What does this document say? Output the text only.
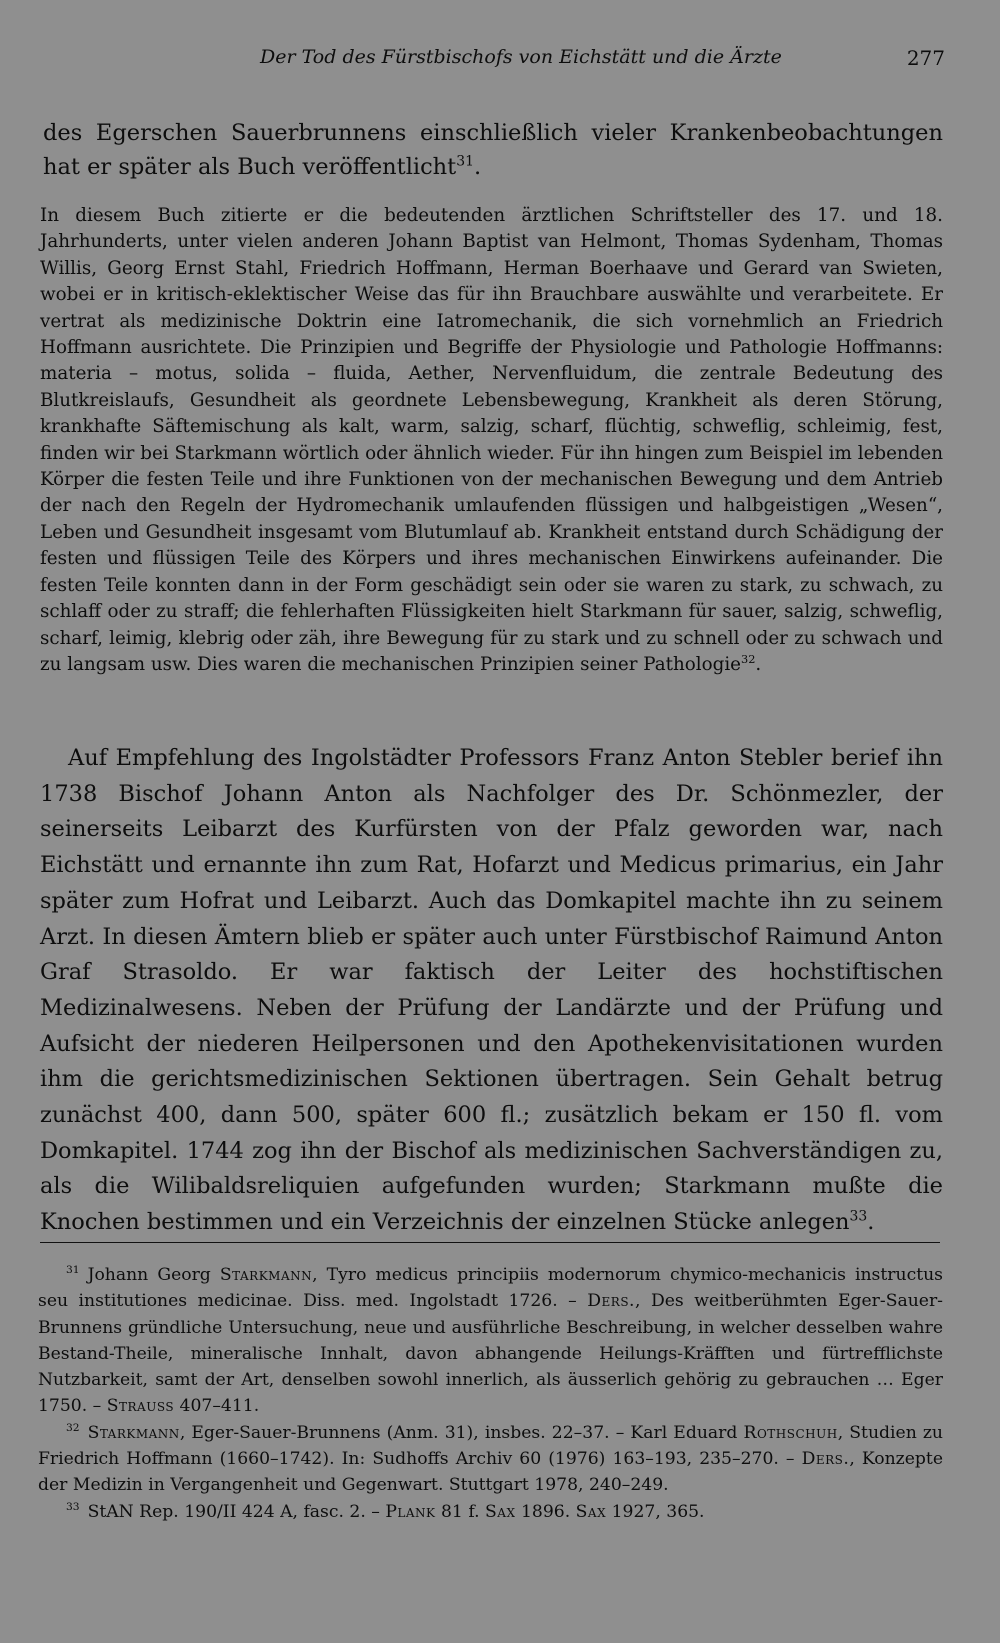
Der Tod des Fürstbischofs von Eichstätt und die Ärzte	277

des Egerschen Sauerbrunnens einschließlich vieler Krankenbeobachtungen hat er später als Buch veröffentlicht$^{31}$.

In diesem Buch zitierte er die bedeutenden ärztlichen Schriftsteller des 17. und 18. Jahrhunderts, unter vielen anderen Johann Baptist van Helmont, Thomas Sydenham, Thomas Willis, Georg Ernst Stahl, Friedrich Hoffmann, Herman Boerhaave und Gerard van Swieten, wobei er in kritisch-eklektischer Weise das für ihn Brauchbare auswählte und verarbeitete. Er vertrat als medizinische Doktrin eine Iatromechanik, die sich vornehmlich an Friedrich Hoffmann ausrichtete. Die Prinzipien und Begriffe der Physiologie und Pathologie Hoffmanns: materia – motus, solida – fluida, Aether, Nervenfluidum, die zentrale Bedeutung des Blutkreislaufs, Gesundheit als geordnete Lebensbewegung, Krankheit als deren Störung, krankhafte Säftemischung als kalt, warm, salzig, scharf, flüchtig, schweflig, schleimig, fest, finden wir bei Starkmann wörtlich oder ähnlich wieder. Für ihn hingen zum Beispiel im lebenden Körper die festen Teile und ihre Funktionen von der mechanischen Bewegung und dem Antrieb der nach den Regeln der Hydromechanik umlaufenden flüssigen und halbgeistigen „Wesen“, Leben und Gesundheit insgesamt vom Blutumlauf ab. Krankheit entstand durch Schädigung der festen und flüssigen Teile des Körpers und ihres mechanischen Einwirkens aufeinander. Die festen Teile konnten dann in der Form geschädigt sein oder sie waren zu stark, zu schwach, zu schlaff oder zu straff; die fehlerhaften Flüssigkeiten hielt Starkmann für sauer, salzig, schweflig, scharf, leimig, klebrig oder zäh, ihre Bewegung für zu stark und zu schnell oder zu schwach und zu langsam usw. Dies waren die mechanischen Prinzipien seiner Pathologie$^{32}$.

Auf Empfehlung des Ingolstädter Professors Franz Anton Stebler berief ihn 1738 Bischof Johann Anton als Nachfolger des Dr. Schönmezler, der seinerseits Leibarzt des Kurfürsten von der Pfalz geworden war, nach Eichstätt und ernannte ihn zum Rat, Hofarzt und Medicus primarius, ein Jahr später zum Hofrat und Leibarzt. Auch das Domkapitel machte ihn zu seinem Arzt. In diesen Ämtern blieb er später auch unter Fürstbischof Raimund Anton Graf Strasoldo. Er war faktisch der Leiter des hochstiftischen Medizinalwesens. Neben der Prüfung der Landärzte und der Prüfung und Aufsicht der niederen Heilpersonen und den Apothekenvisitationen wurden ihm die gerichtsmedizinischen Sektionen übertragen. Sein Gehalt betrug zunächst 400, dann 500, später 600 fl.; zusätzlich bekam er 150 fl. vom Domkapitel. 1744 zog ihn der Bischof als medizinischen Sachverständigen zu, als die Wilibaldsreliquien aufgefunden wurden; Starkmann mußte die Knochen bestimmen und ein Verzeichnis der einzelnen Stücke anlegen$^{33}$.

$^{31}$ Johann Georg Starkmann, Tyro medicus principiis modernorum chymico-mechanicis instructus seu institutiones medicinae. Diss. med. Ingolstadt 1726. – Ders., Des weitberühmten Eger-Sauer-Brunnens gründliche Untersuchung, neue und ausführliche Beschreibung, in welcher desselben wahre Bestand-Theile, mineralische Innhalt, davon abhangende Heilungs-Kräfften und fürtrefflichste Nutzbarkeit, samt der Art, denselben sowohl innerlich, als äusserlich gehörig zu gebrauchen … Eger 1750. – Strauss 407–411.

$^{32}$ Starkmann, Eger-Sauer-Brunnens (Anm. 31), insbes. 22–37. – Karl Eduard Rothschuh, Studien zu Friedrich Hoffmann (1660–1742). In: Sudhoffs Archiv 60 (1976) 163–193, 235–270. – Ders., Konzepte der Medizin in Vergangenheit und Gegenwart. Stuttgart 1978, 240–249.

$^{33}$ StAN Rep. 190/II 424 A, fasc. 2. – Plank 81 f. Sax 1896. Sax 1927, 365.
